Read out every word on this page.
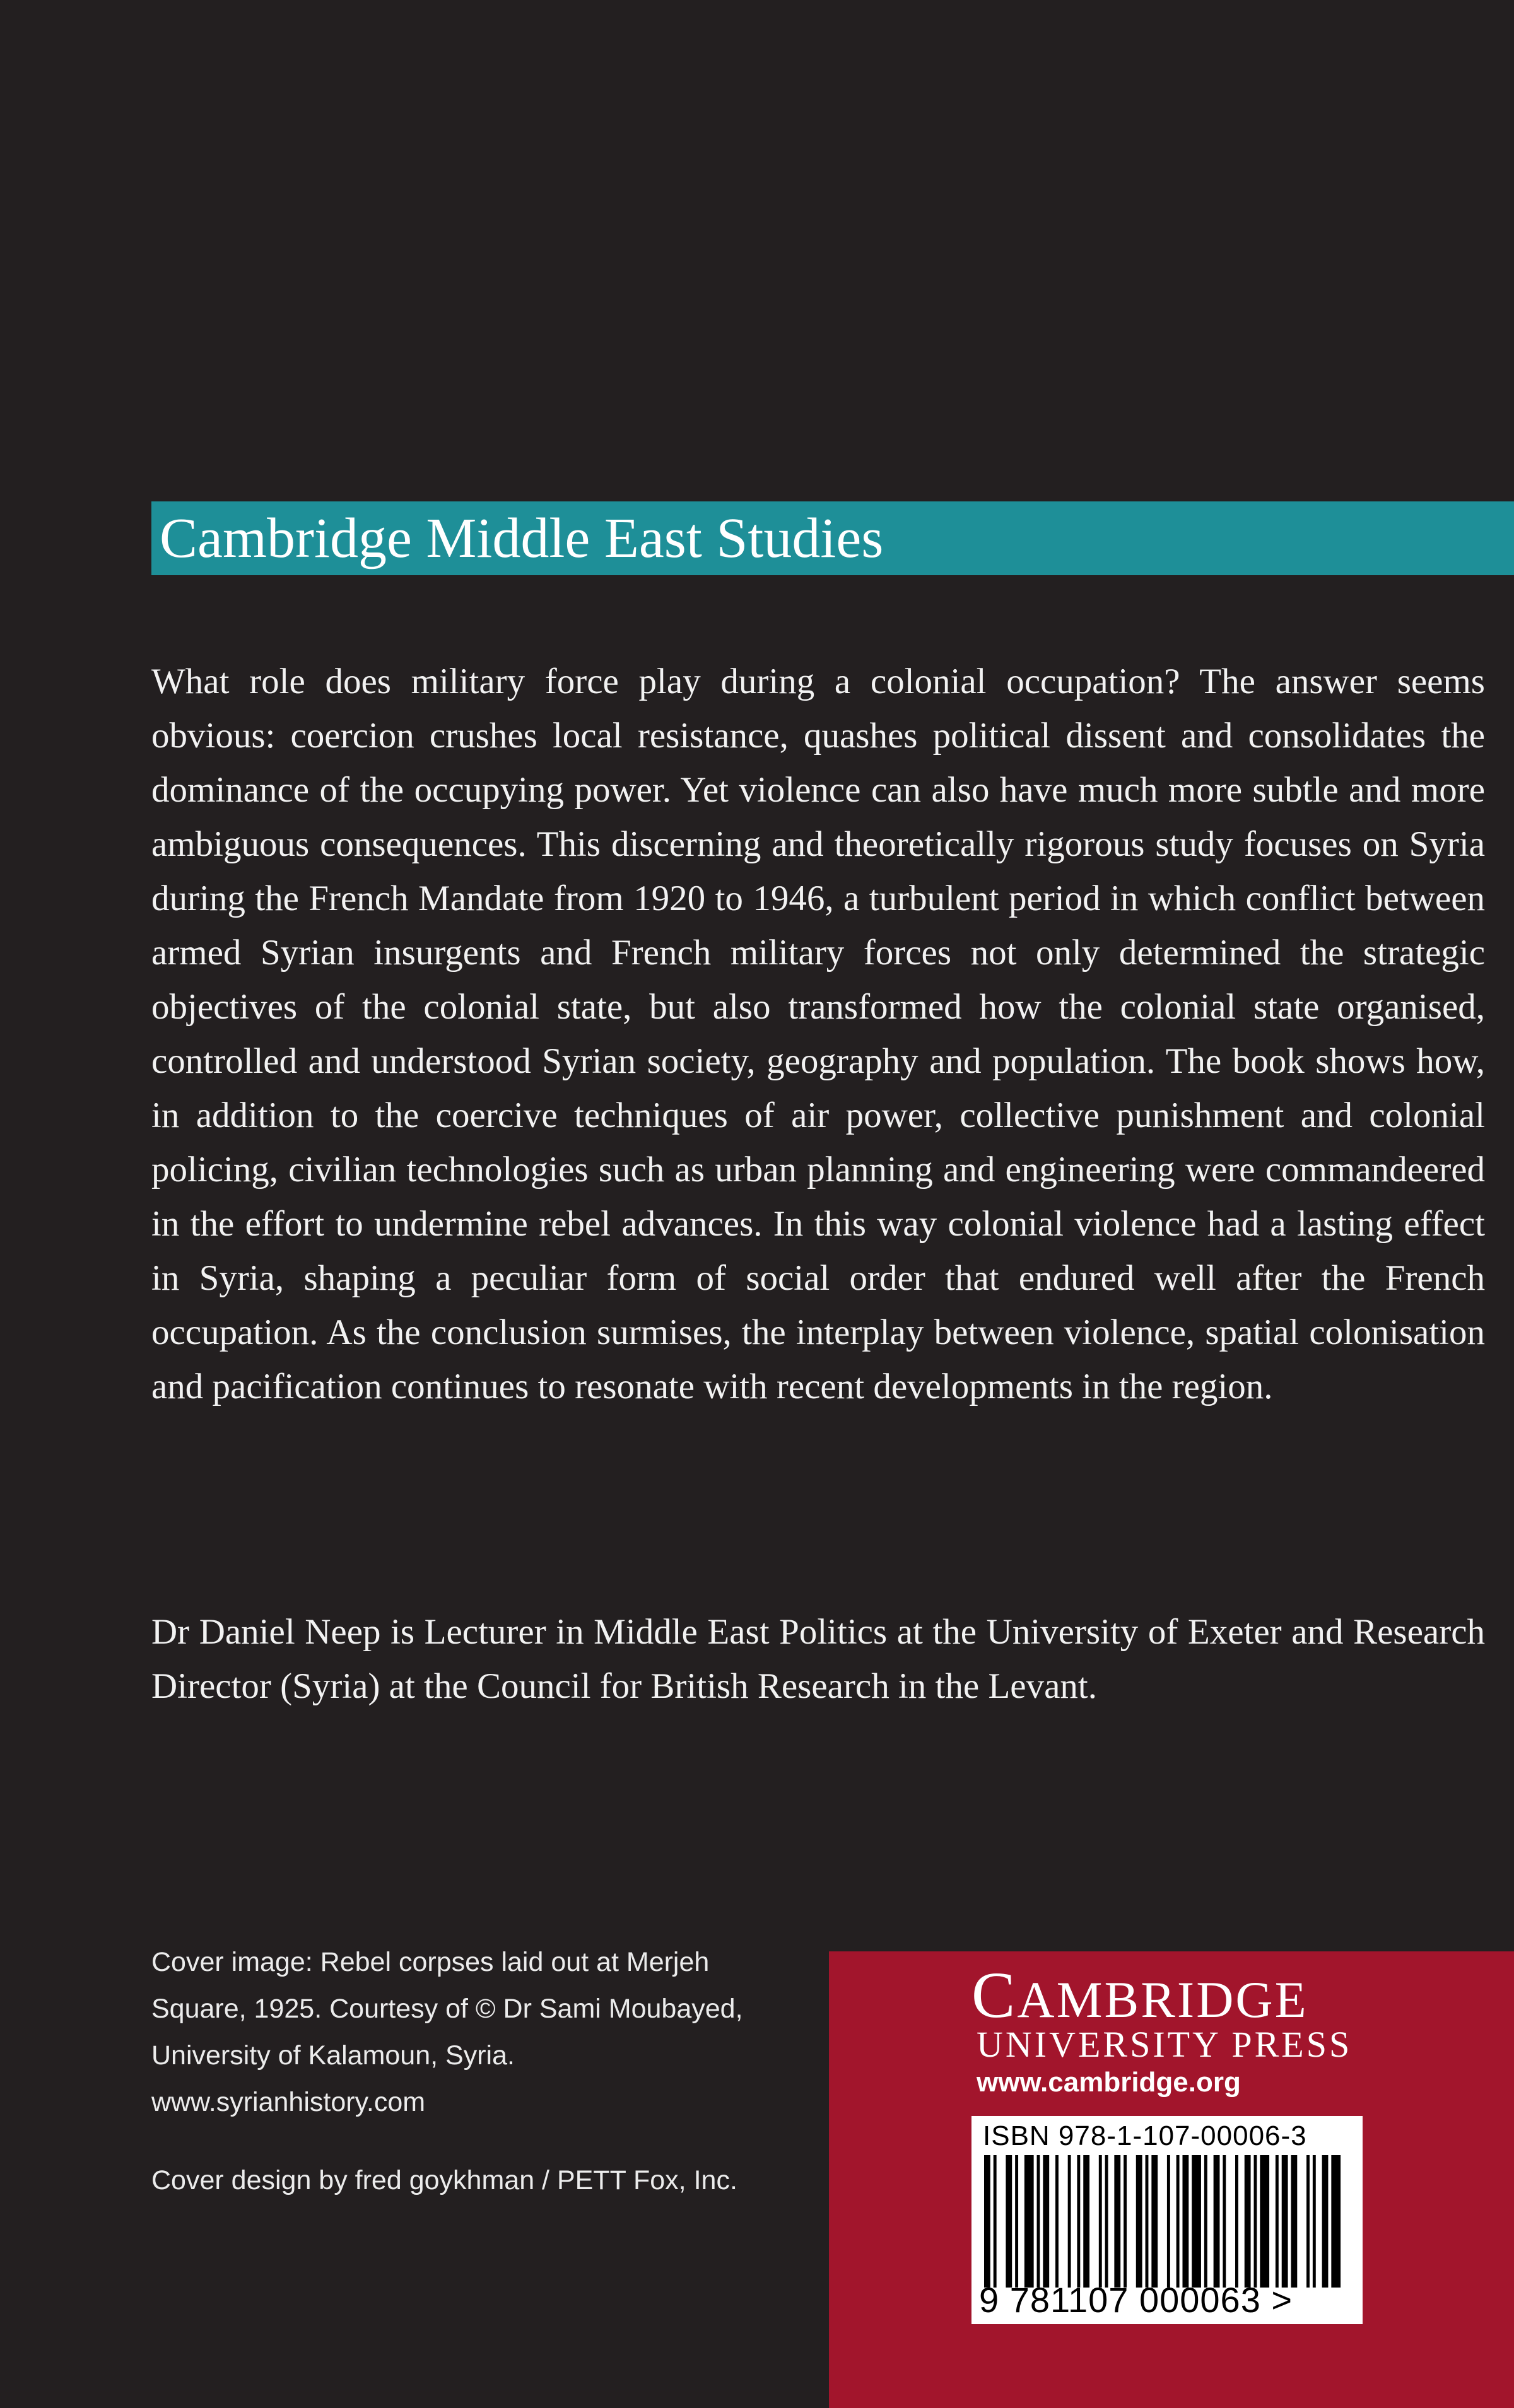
Cambridge Middle East Studies

What role does military force play during a colonial occupation? The answer seems obvious: coercion crushes local resistance, quashes political dissent and consolidates the dominance of the occupying power. Yet violence can also have much more subtle and more ambiguous consequences. This discerning and theoretically rigorous study focuses on Syria during the French Mandate from 1920 to 1946, a turbulent period in which conflict between armed Syrian insurgents and French military forces not only determined the strategic objectives of the colonial state, but also transformed how the colonial state organised, controlled and understood Syrian society, geography and population. The book shows how, in addition to the coercive techniques of air power, collective punishment and colonial policing, civilian technologies such as urban planning and engineering were commandeered in the effort to undermine rebel advances. In this way colonial violence had a lasting effect in Syria, shaping a peculiar form of social order that endured well after the French occupation. As the conclusion surmises, the interplay between violence, spatial colonisation and pacification continues to resonate with recent developments in the region.

Dr Daniel Neep is Lecturer in Middle East Politics at the University of Exeter and Research Director (Syria) at the Council for British Research in the Levant.

Cover image: Rebel corpses laid out at Merjeh
Square, 1925. Courtesy of © Dr Sami Moubayed,
University of Kalamoun, Syria.
www.syrianhistory.com

Cover design by fred goykhman / PETT Fox, Inc.

CAMBRIDGE

UNIVERSITY PRESS

www.cambridge.org

ISBN 978-1-107-00006-3
9 781107 000063 >
